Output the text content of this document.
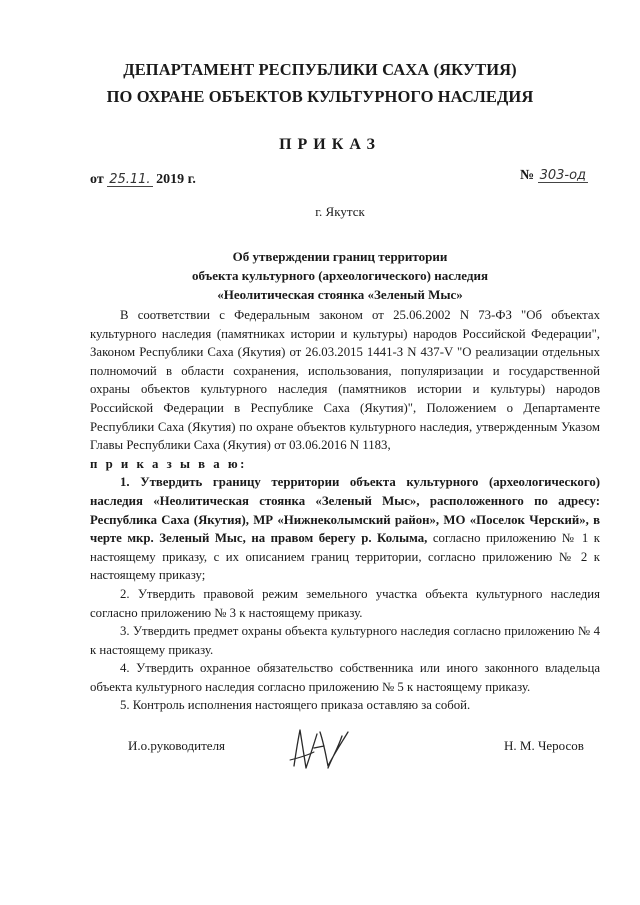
ДЕПАРТАМЕНТ РЕСПУБЛИКИ САХА (ЯКУТИЯ)
ПО ОХРАНЕ ОБЪЕКТОВ КУЛЬТУРНОГО НАСЛЕДИЯ
ПРИКАЗ
от 25.11. 2019 г.	№ 303-од
г. Якутск
Об утверждении границ территории
объекта культурного (археологического) наследия
«Неолитическая стоянка «Зеленый Мыс»

В соответствии с Федеральным законом от 25.06.2002 N 73-ФЗ "Об объектах культурного наследия (памятниках истории и культуры) народов Российской Федерации", Законом Республики Саха (Якутия) от 26.03.2015 1441-З N 437-V "О реализации отдельных полномочий в области сохранения, использования, популяризации и государственной охраны объектов культурного наследия (памятников истории и культуры) народов Российской Федерации в Республике Саха (Якутия)", Положением о Департаменте Республики Саха (Якутия) по охране объектов культурного наследия, утвержденным Указом Главы Республики Саха (Якутия) от 03.06.2016 N 1183,

п р и к а з ы в а ю:

1. Утвердить границу территории объекта культурного (археологического) наследия «Неолитическая стоянка «Зеленый Мыс», расположенного по адресу: Республика Саха (Якутия), МР «Нижнеколымский район», МО «Поселок Черский», в черте мкр. Зеленый Мыс, на правом берегу р. Колыма, согласно приложению № 1 к настоящему приказу, с их описанием границ территории, согласно приложению № 2 к настоящему приказу;

2. Утвердить правовой режим земельного участка объекта культурного наследия согласно приложению № 3 к настоящему приказу.

3. Утвердить предмет охраны объекта культурного наследия согласно приложению № 4 к настоящему приказу.

4. Утвердить охранное обязательство собственника или иного законного владельца объекта культурного наследия согласно приложению № 5 к настоящему приказу.

5. Контроль исполнения настоящего приказа оставляю за собой.

И.о.руководителя	Н. М. Черосов
